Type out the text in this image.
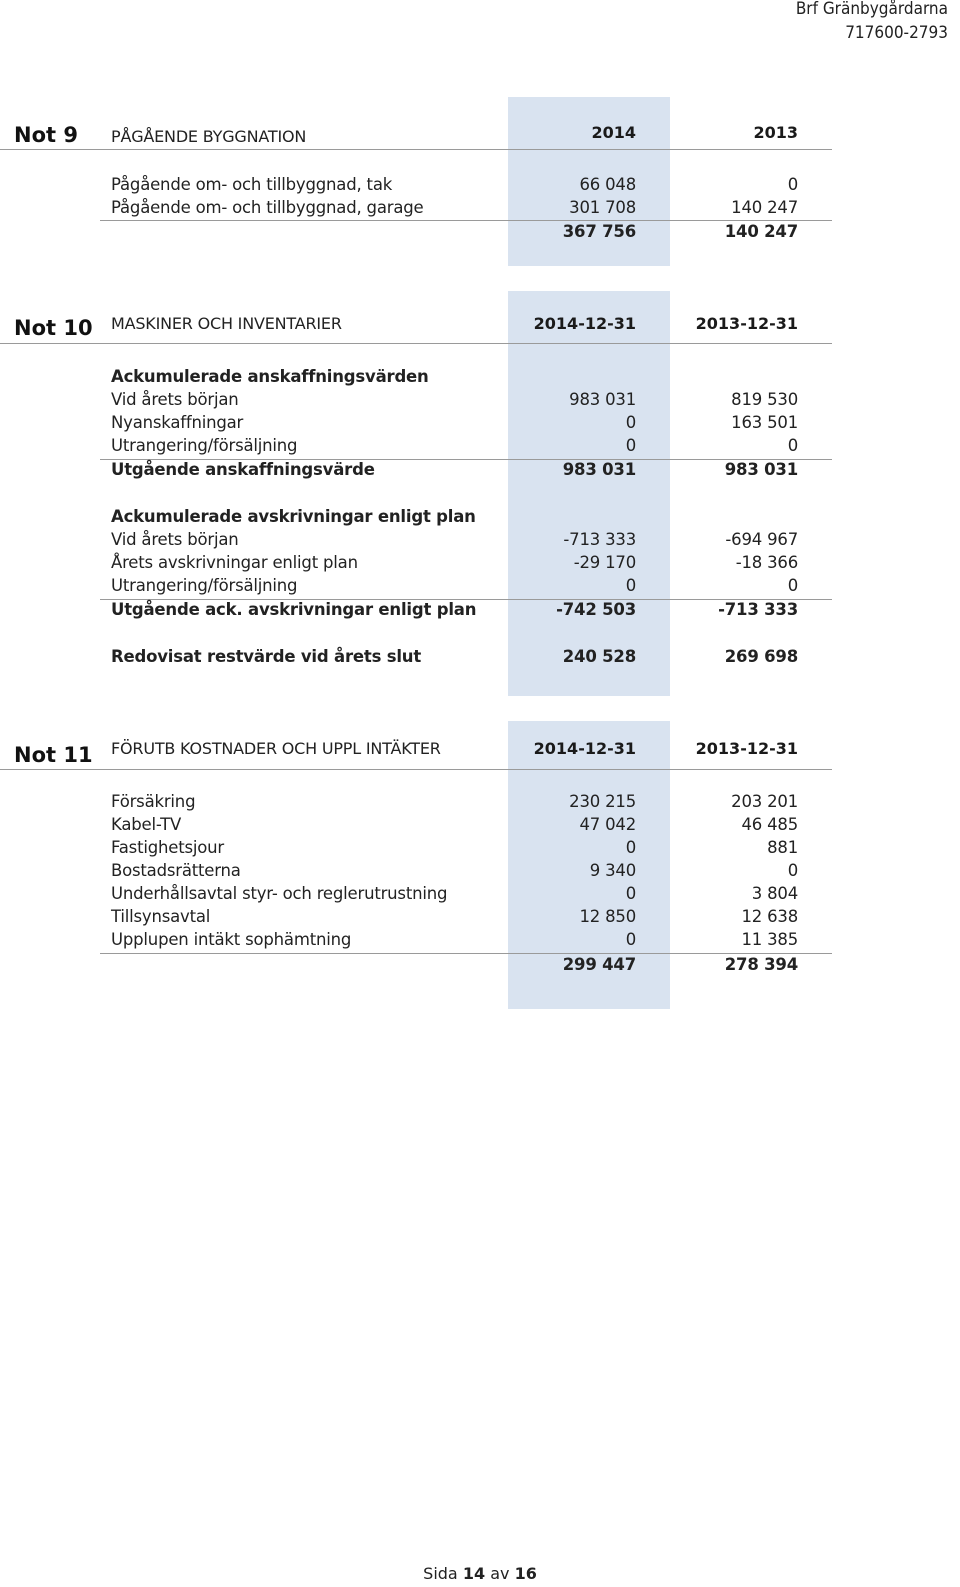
Brf Gränbygårdarna
717600-2793
Not 9 PÅGÅENDE BYGGNATION	2014	2013
Pågående om- och tillbyggnad, tak	66 048	0
Pågående om- och tillbyggnad, garage	301 708	140 247
367 756	140 247
Not 10 MASKINER OCH INVENTARIER	2014-12-31	2013-12-31
Ackumulerade anskaffningsvärden
Vid årets början	983 031	819 530
Nyanskaffningar	0	163 501
Utrangering/försäljning	0	0
Utgående anskaffningsvärde	983 031	983 031
Ackumulerade avskrivningar enligt plan
Vid årets början	-713 333	-694 967
Årets avskrivningar enligt plan	-29 170	-18 366
Utrangering/försäljning	0	0
Utgående ack. avskrivningar enligt plan	-742 503	-713 333
Redovisat restvärde vid årets slut	240 528	269 698
Not 11 FÖRUTB KOSTNADER OCH UPPL INTÄKTER	2014-12-31	2013-12-31
Försäkring	230 215	203 201
Kabel-TV	47 042	46 485
Fastighetsjour	0	881
Bostadsrätterna	9 340	0
Underhållsavtal styr- och reglerutrustning	0	3 804
Tillsynsavtal	12 850	12 638
Upplupen intäkt sophämtning	0	11 385
299 447	278 394
Sida 14 av 16
